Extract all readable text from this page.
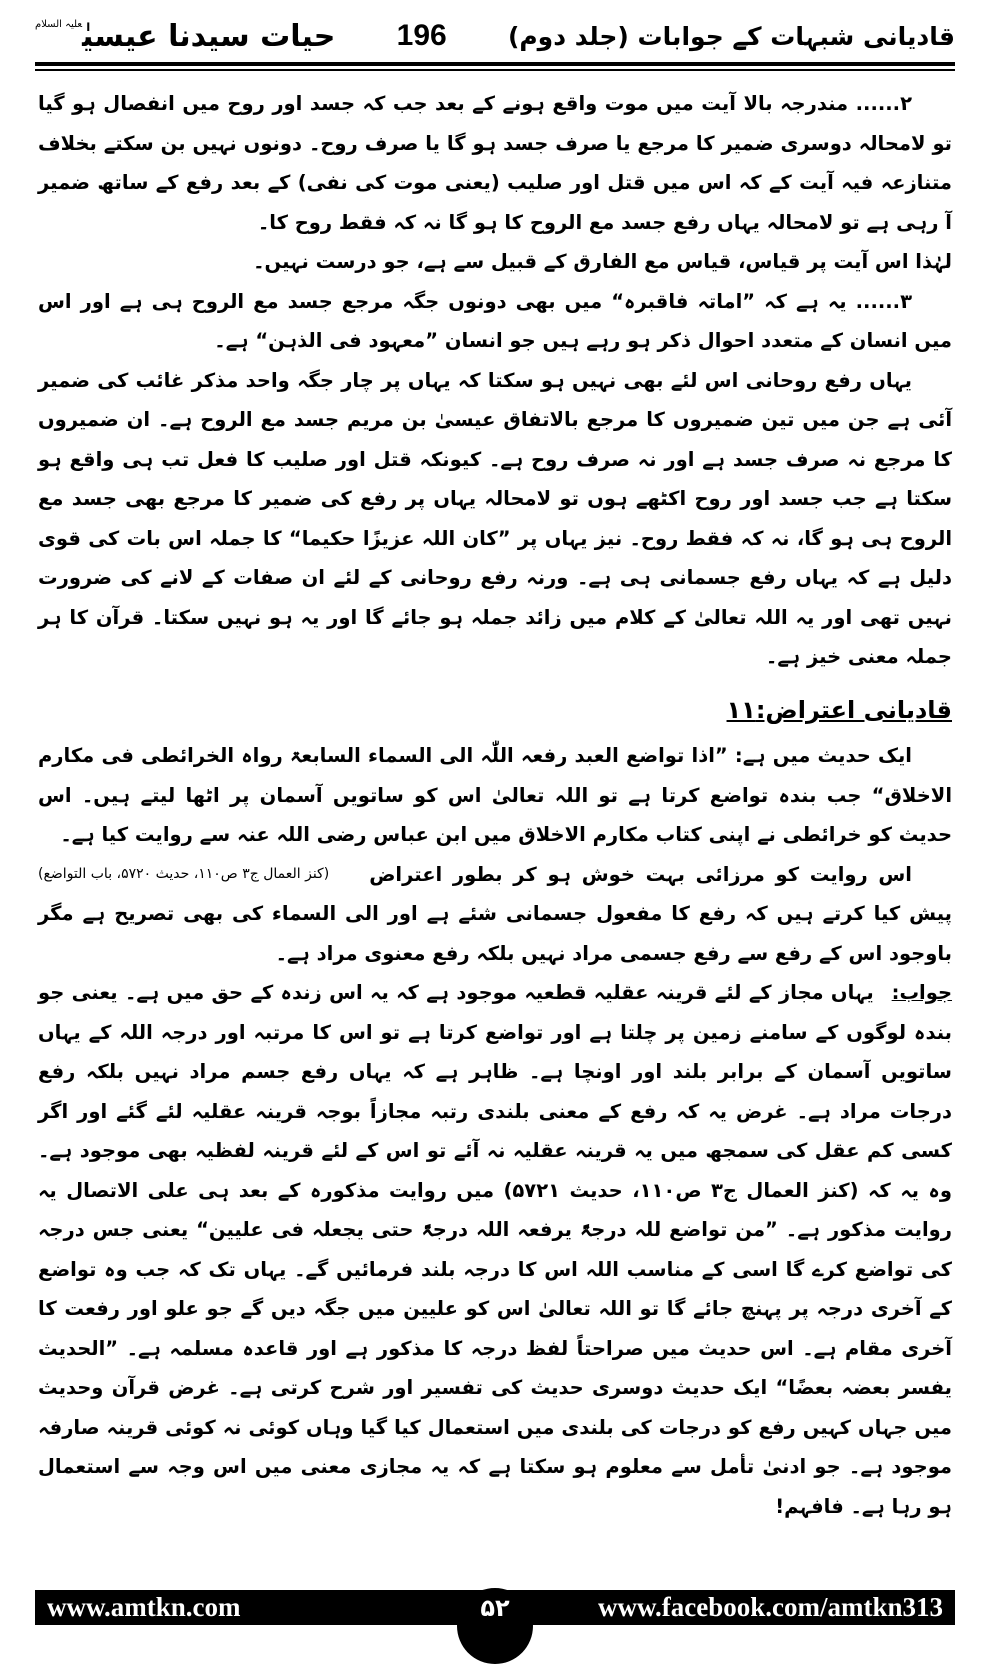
قادیانی شبہات کے جوابات (جلد دوم)
196
حیات سیدنا عیسیٰ$^{علیہ السلام}$

۲...... مندرجہ بالا آیت میں موت واقع ہونے کے بعد جب کہ جسد اور روح میں انفصال ہو گیا تو لامحالہ دوسری ضمیر کا مرجع یا صرف جسد ہو گا یا صرف روح۔ دونوں نہیں بن سکتے بخلاف متنازعہ فیہ آیت کے کہ اس میں قتل اور صلیب (یعنی موت کی نفی) کے بعد رفع کے ساتھ ضمیر آ رہی ہے تو لامحالہ یہاں رفع جسد مع الروح کا ہو گا نہ کہ فقط روح کا۔

لہٰذا اس آیت پر قیاس، قیاس مع الفارق کے قبیل سے ہے، جو درست نہیں۔

۳...... یہ ہے کہ ”اماتہ فاقبرہ“ میں بھی دونوں جگہ مرجع جسد مع الروح ہی ہے اور اس میں انسان کے متعدد احوال ذکر ہو رہے ہیں جو انسان ”معہود فی الذہن“ ہے۔

یہاں رفع روحانی اس لئے بھی نہیں ہو سکتا کہ یہاں پر چار جگہ واحد مذکر غائب کی ضمیر آئی ہے جن میں تین ضمیروں کا مرجع بالاتفاق عیسیٰ بن مریم جسد مع الروح ہے۔ ان ضمیروں کا مرجع نہ صرف جسد ہے اور نہ صرف روح ہے۔ کیونکہ قتل اور صلیب کا فعل تب ہی واقع ہو سکتا ہے جب جسد اور روح اکٹھے ہوں تو لامحالہ یہاں پر رفع کی ضمیر کا مرجع بھی جسد مع الروح ہی ہو گا، نہ کہ فقط روح۔ نیز یہاں پر ”کان اللہ عزیزًا حکیما“ کا جملہ اس بات کی قوی دلیل ہے کہ یہاں رفع جسمانی ہی ہے۔ ورنہ رفع روحانی کے لئے ان صفات کے لانے کی ضرورت نہیں تھی اور یہ اللہ تعالیٰ کے کلام میں زائد جملہ ہو جائے گا اور یہ ہو نہیں سکتا۔ قرآن کا ہر جملہ معنی خیز ہے۔

قادیانی اعتراض:۱۱

ایک حدیث میں ہے: ”اذا تواضع العبد رفعہ اللّٰہ الی السماء السابعۃ رواہ الخرائطی فی مکارم الاخلاق“ جب بندہ تواضع کرتا ہے تو اللہ تعالیٰ اس کو ساتویں آسمان پر اٹھا لیتے ہیں۔ اس حدیث کو خرائطی نے اپنی کتاب مکارم الاخلاق میں ابن عباس رضی اللہ عنہ سے روایت کیا ہے۔
(کنز العمال ج۳ ص۱۱۰، حدیث ۵۷۲۰، باب التواضع)	اس روایت کو مرزائی بہت خوش ہو کر بطور اعتراض پیش کیا کرتے ہیں کہ رفع کا مفعول جسمانی شئے ہے اور الی السماء کی بھی تصریح ہے مگر باوجود اس کے رفع سے رفع جسمی مراد نہیں بلکہ رفع معنوی مراد ہے۔

جواب:یہاں مجاز کے لئے قرینہ عقلیہ قطعیہ موجود ہے کہ یہ اس زندہ کے حق میں ہے۔ یعنی جو بندہ لوگوں کے سامنے زمین پر چلتا ہے اور تواضع کرتا ہے تو اس کا مرتبہ اور درجہ اللہ کے یہاں ساتویں آسمان کے برابر بلند اور اونچا ہے۔ ظاہر ہے کہ یہاں رفع جسم مراد نہیں بلکہ رفع درجات مراد ہے۔ غرض یہ کہ رفع کے معنی بلندی رتبہ مجازاً بوجہ قرینہ عقلیہ لئے گئے اور اگر کسی کم عقل کی سمجھ میں یہ قرینہ عقلیہ نہ آئے تو اس کے لئے قرینہ لفظیہ بھی موجود ہے۔ وہ یہ کہ (کنز العمال ج۳ ص۱۱۰، حدیث ۵۷۲۱) میں روایت مذکورہ کے بعد ہی علی الاتصال یہ روایت مذکور ہے۔ ”من تواضع للہ درجۃً یرفعہ اللہ درجۃً حتی یجعلہ فی علیین“ یعنی جس درجہ کی تواضع کرے گا اسی کے مناسب اللہ اس کا درجہ بلند فرمائیں گے۔ یہاں تک کہ جب وہ تواضع کے آخری درجہ پر پہنچ جائے گا تو اللہ تعالیٰ اس کو علیین میں جگہ دیں گے جو علو اور رفعت کا آخری مقام ہے۔ اس حدیث میں صراحتاً لفظ درجہ کا مذکور ہے اور قاعدہ مسلمہ ہے۔ ”الحدیث یفسر بعضہ بعضًا“ ایک حدیث دوسری حدیث کی تفسیر اور شرح کرتی ہے۔ غرض قرآن وحدیث میں جہاں کہیں رفع کو درجات کی بلندی میں استعمال کیا گیا وہاں کوئی نہ کوئی قرینہ صارفہ موجود ہے۔ جو ادنیٰ تأمل سے معلوم ہو سکتا ہے کہ یہ مجازی معنی میں اس وجہ سے استعمال ہو رہا ہے۔ فافہم!

www.amtkn.com	۵۲	www.facebook.com/amtkn313
